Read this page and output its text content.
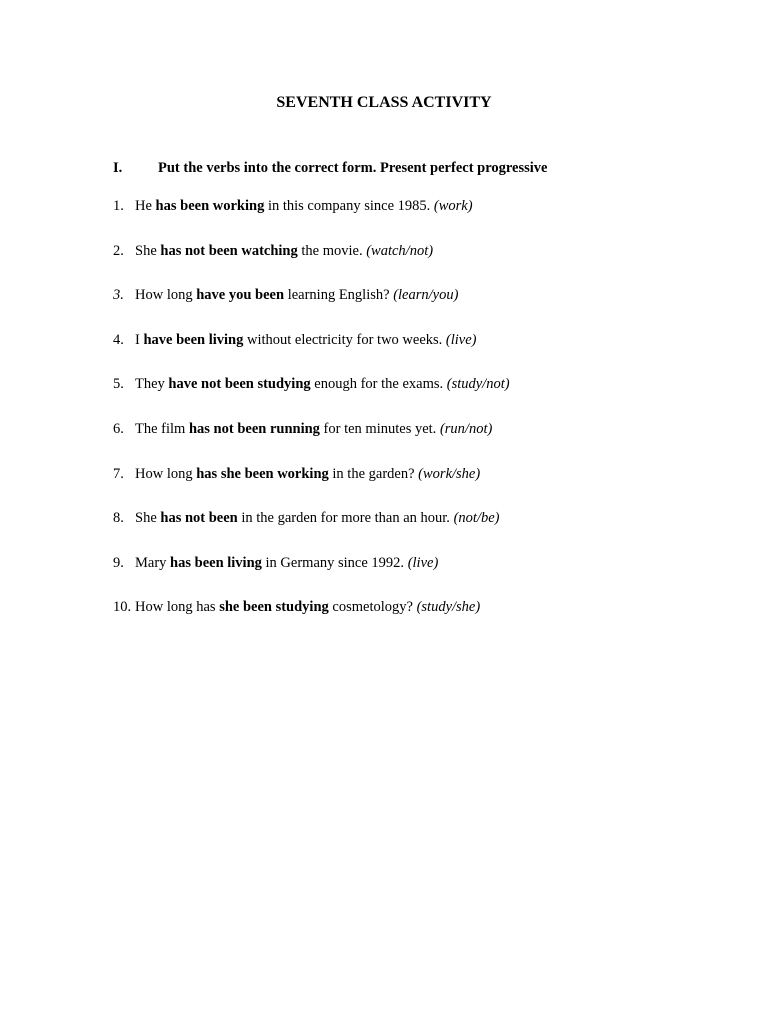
SEVENTH CLASS ACTIVITY
I. Put the verbs into the correct form. Present perfect progressive
1. He has been working in this company since 1985. (work)
2. She has not been watching the movie. (watch/not)
3. How long have you been learning English? (learn/you)
4. I have been living without electricity for two weeks. (live)
5. They have not been studying enough for the exams. (study/not)
6. The film has not been running for ten minutes yet. (run/not)
7. How long has she been working in the garden? (work/she)
8. She has not been in the garden for more than an hour. (not/be)
9. Mary has been living in Germany since 1992. (live)
10. How long has she been studying cosmetology? (study/she)
